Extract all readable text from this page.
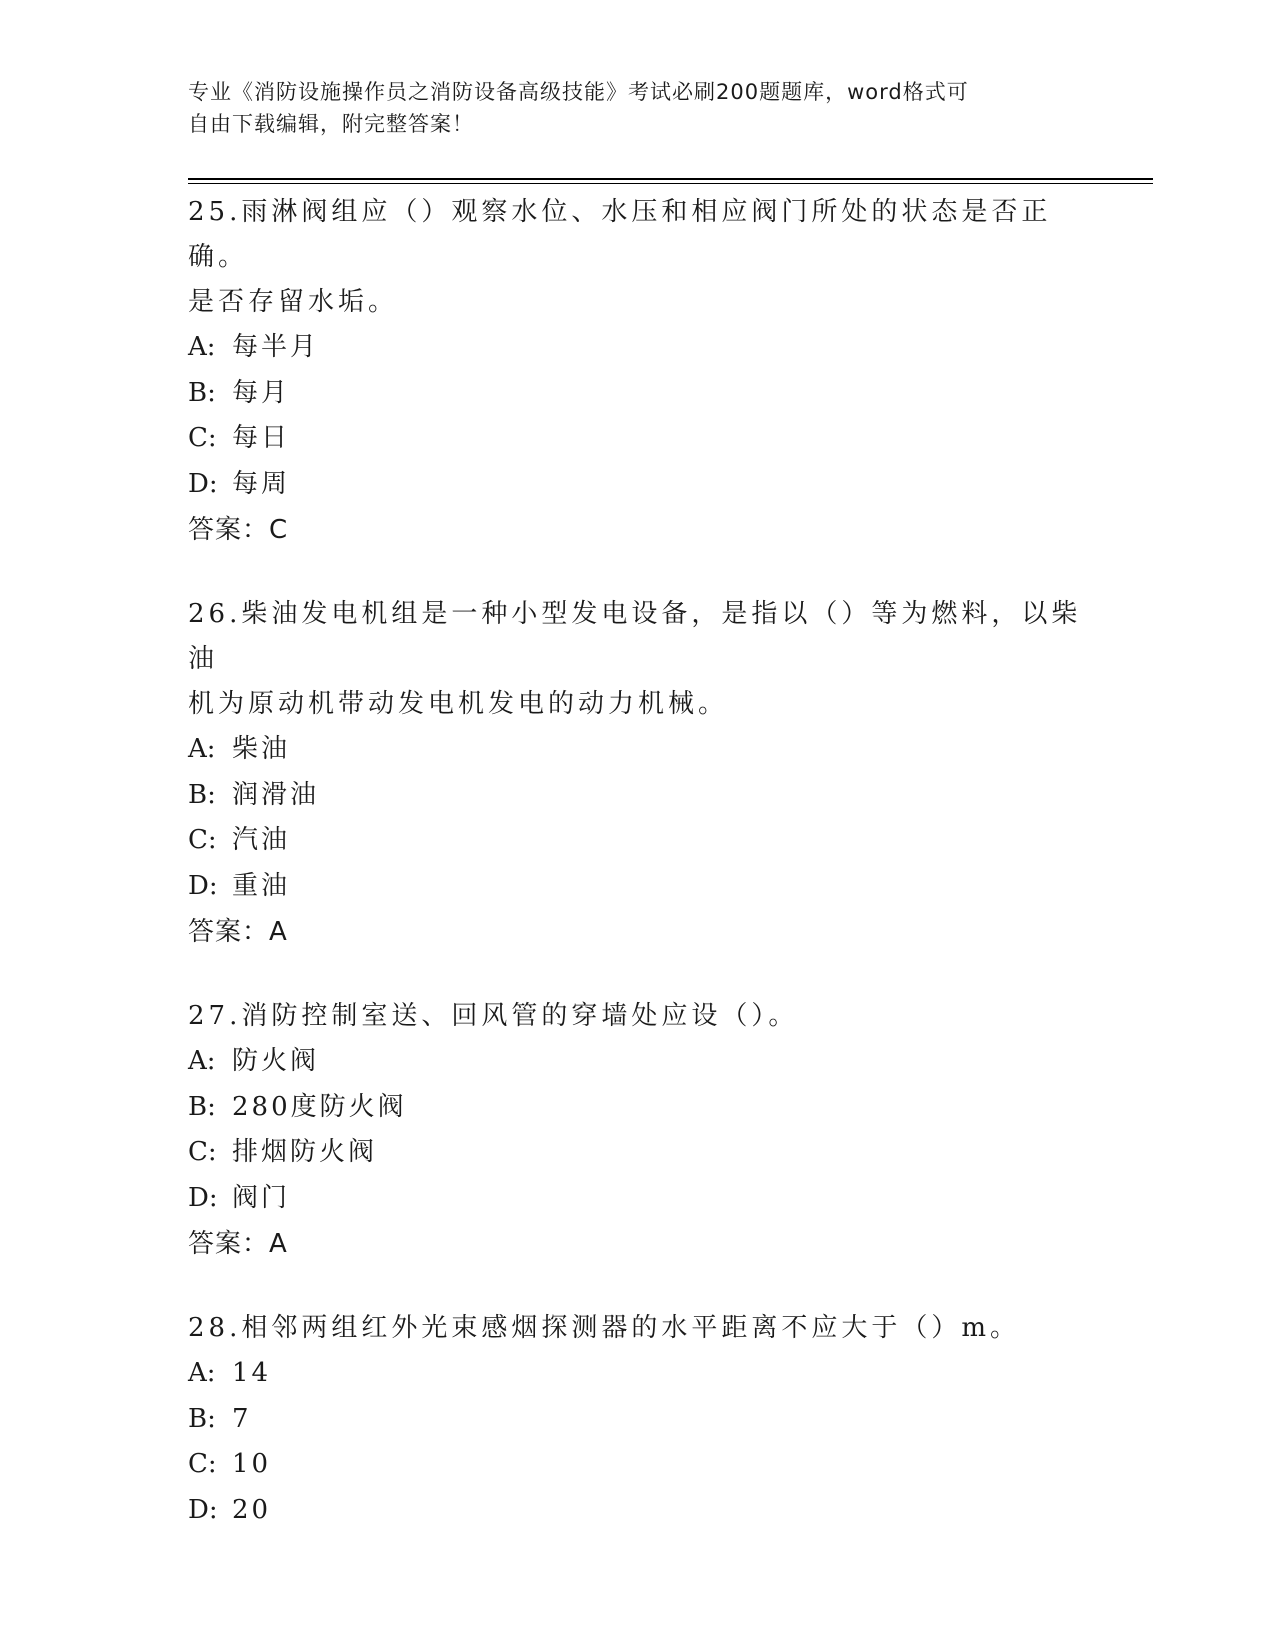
专业《消防设施操作员之消防设备高级技能》考试必刷200题题库，word格式可
自由下载编辑，附完整答案！
25.雨淋阀组应（）观察水位、水压和相应阀门所处的状态是否正确。
是否存留水垢。
A: 每半月
B: 每月
C: 每日
D: 每周
答案：C
26.柴油发电机组是一种小型发电设备，是指以（）等为燃料，以柴油
机为原动机带动发电机发电的动力机械。
A: 柴油
B: 润滑油
C: 汽油
D: 重油
答案：A
27.消防控制室送、回风管的穿墙处应设（）。
A: 防火阀
B: 280度防火阀
C: 排烟防火阀
D: 阀门
答案：A
28.相邻两组红外光束感烟探测器的水平距离不应大于（）m。
A: 14
B: 7
C: 10
D: 20
